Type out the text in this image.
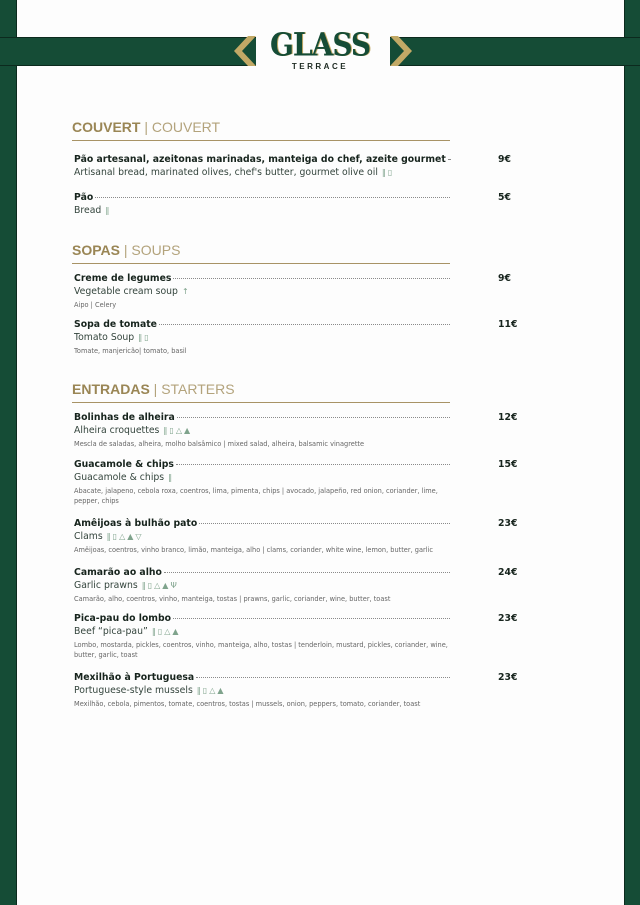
GLASS
TERRACE
COUVERT | COUVERT
SOPAS | SOUPS
ENTRADAS | STARTERS
Pão artesanal, azeitonas marinadas, manteiga do chef, azeite gourmet	9€
Artisanal bread, marinated olives, chef's butter, gourmet olive oil ‖▯
Pão	5€
Bread ‖
Creme de legumes	9€
Vegetable cream soup ↑
Aipo | Celery
Sopa de tomate	11€
Tomato Soup ‖▯
Tomate, manjericão| tomato, basil
Bolinhas de alheira	12€
Alheira croquettes ‖▯△▲
Mescla de saladas, alheira, molho balsâmico | mixed salad, alheira, balsamic vinagrette
Guacamole & chips	15€
Guacamole & chips ‖
Abacate, jalapeno, cebola roxa, coentros, lima, pimenta, chips | avocado, jalapeño, red onion, coriander, lime, pepper, chips
Amêijoas à bulhão pato	23€
Clams ‖▯△▲▽
Amêijoas, coentros, vinho branco, limão, manteiga, alho | clams, coriander, white wine, lemon, butter, garlic
Camarão ao alho	24€
Garlic prawns ‖▯△▲Ψ
Camarão, alho, coentros, vinho, manteiga, tostas | prawns, garlic, coriander, wine, butter, toast
Pica-pau do lombo	23€
Beef “pica-pau” ‖▯△▲
Lombo, mostarda, pickles, coentros, vinho, manteiga, alho, tostas | tenderloin, mustard, pickles, coriander, wine, butter, garlic, toast
Mexilhão à Portuguesa	23€
Portuguese-style mussels ‖▯△▲
Mexilhão, cebola, pimentos, tomate, coentros, tostas | mussels, onion, peppers, tomato, coriander, toast
